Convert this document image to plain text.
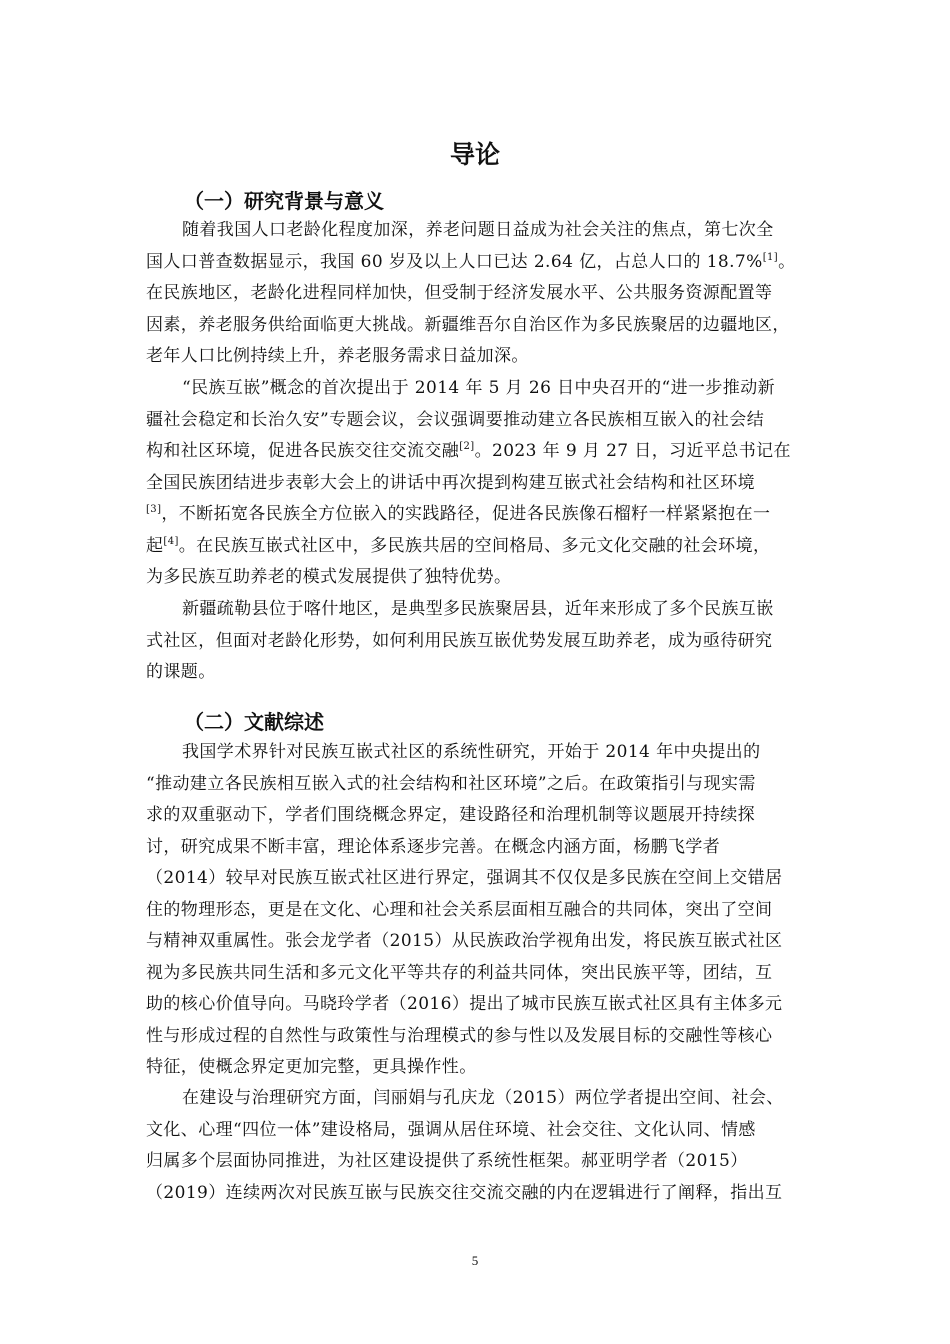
导论
（一）研究背景与意义
随着我国人口老龄化程度加深，养老问题日益成为社会关注的焦点，第七次全
国人口普查数据显示，我国 60 岁及以上人口已达 2.64 亿，占总人口的 18.7%[1]。
在民族地区，老龄化进程同样加快，但受制于经济发展水平、公共服务资源配置等
因素，养老服务供给面临更大挑战。新疆维吾尔自治区作为多民族聚居的边疆地区，
老年人口比例持续上升，养老服务需求日益加深。
“民族互嵌”概念的首次提出于 2014 年 5 月 26 日中央召开的“进一步推动新
疆社会稳定和长治久安”专题会议，会议强调要推动建立各民族相互嵌入的社会结
构和社区环境，促进各民族交往交流交融[2]。2023 年 9 月 27 日，习近平总书记在
全国民族团结进步表彰大会上的讲话中再次提到构建互嵌式社会结构和社区环境
[3]，不断拓宽各民族全方位嵌入的实践路径，促进各民族像石榴籽一样紧紧抱在一
起[4]。在民族互嵌式社区中，多民族共居的空间格局、多元文化交融的社会环境，
为多民族互助养老的模式发展提供了独特优势。
新疆疏勒县位于喀什地区，是典型多民族聚居县，近年来形成了多个民族互嵌
式社区，但面对老龄化形势，如何利用民族互嵌优势发展互助养老，成为亟待研究
的课题。
（二）文献综述
我国学术界针对民族互嵌式社区的系统性研究，开始于 2014 年中央提出的
“推动建立各民族相互嵌入式的社会结构和社区环境”之后。在政策指引与现实需
求的双重驱动下，学者们围绕概念界定，建设路径和治理机制等议题展开持续探
讨，研究成果不断丰富，理论体系逐步完善。在概念内涵方面，杨鹏飞学者
（2014）较早对民族互嵌式社区进行界定，强调其不仅仅是多民族在空间上交错居
住的物理形态，更是在文化、心理和社会关系层面相互融合的共同体，突出了空间
与精神双重属性。张会龙学者（2015）从民族政治学视角出发，将民族互嵌式社区
视为多民族共同生活和多元文化平等共存的利益共同体，突出民族平等，团结，互
助的核心价值导向。马晓玲学者（2016）提出了城市民族互嵌式社区具有主体多元
性与形成过程的自然性与政策性与治理模式的参与性以及发展目标的交融性等核心
特征，使概念界定更加完整，更具操作性。
在建设与治理研究方面，闫丽娟与孔庆龙（2015）两位学者提出空间、社会、
文化、心理“四位一体”建设格局，强调从居住环境、社会交往、文化认同、情感
归属多个层面协同推进，为社区建设提供了系统性框架。郝亚明学者（2015）
（2019）连续两次对民族互嵌与民族交往交流交融的内在逻辑进行了阐释，指出互
5
